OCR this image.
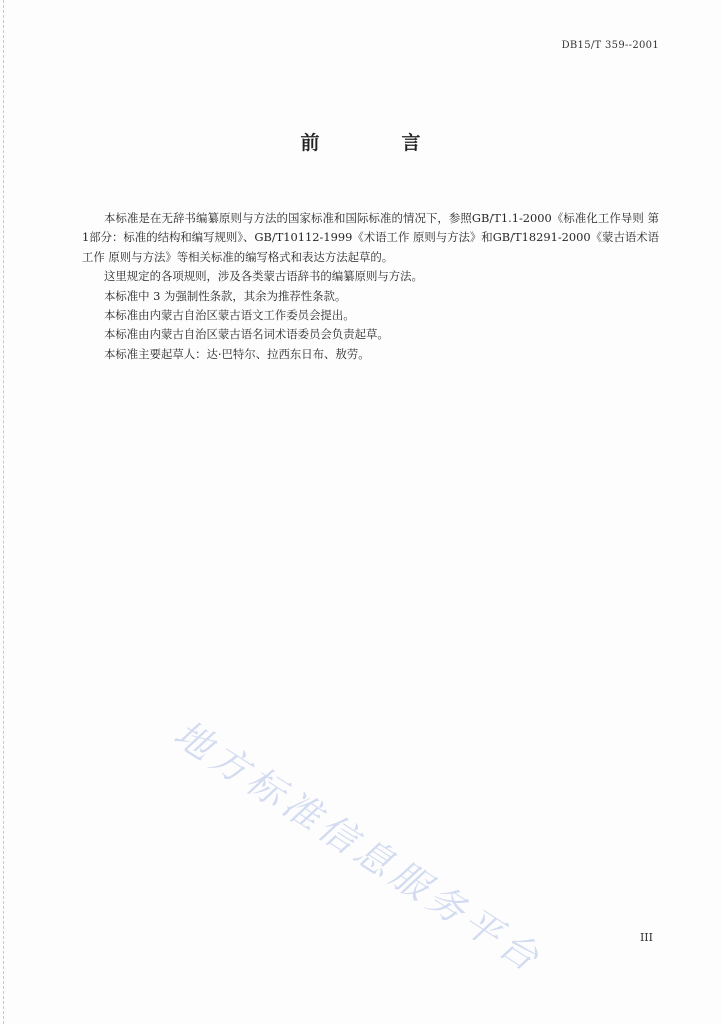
DB15/T 359--2001
前言

本标准是在无辞书编纂原则与方法的国家标准和国际标准的情况下，参照GB/T1.1-2000《标准化工作导则 第1部分：标准的结构和编写规则》、GB/T10112-1999《术语工作 原则与方法》和GB/T18291-2000《蒙古语术语工作 原则与方法》等相关标准的编写格式和表达方法起草的。

这里规定的各项规则，涉及各类蒙古语辞书的编纂原则与方法。

本标准中 3 为强制性条款，其余为推荐性条款。

本标准由内蒙古自治区蒙古语文工作委员会提出。

本标准由内蒙古自治区蒙古语名词术语委员会负责起草。

本标准主要起草人：达·巴特尔、拉西东日布、敖劳。

地方标准信息服务平台	III
